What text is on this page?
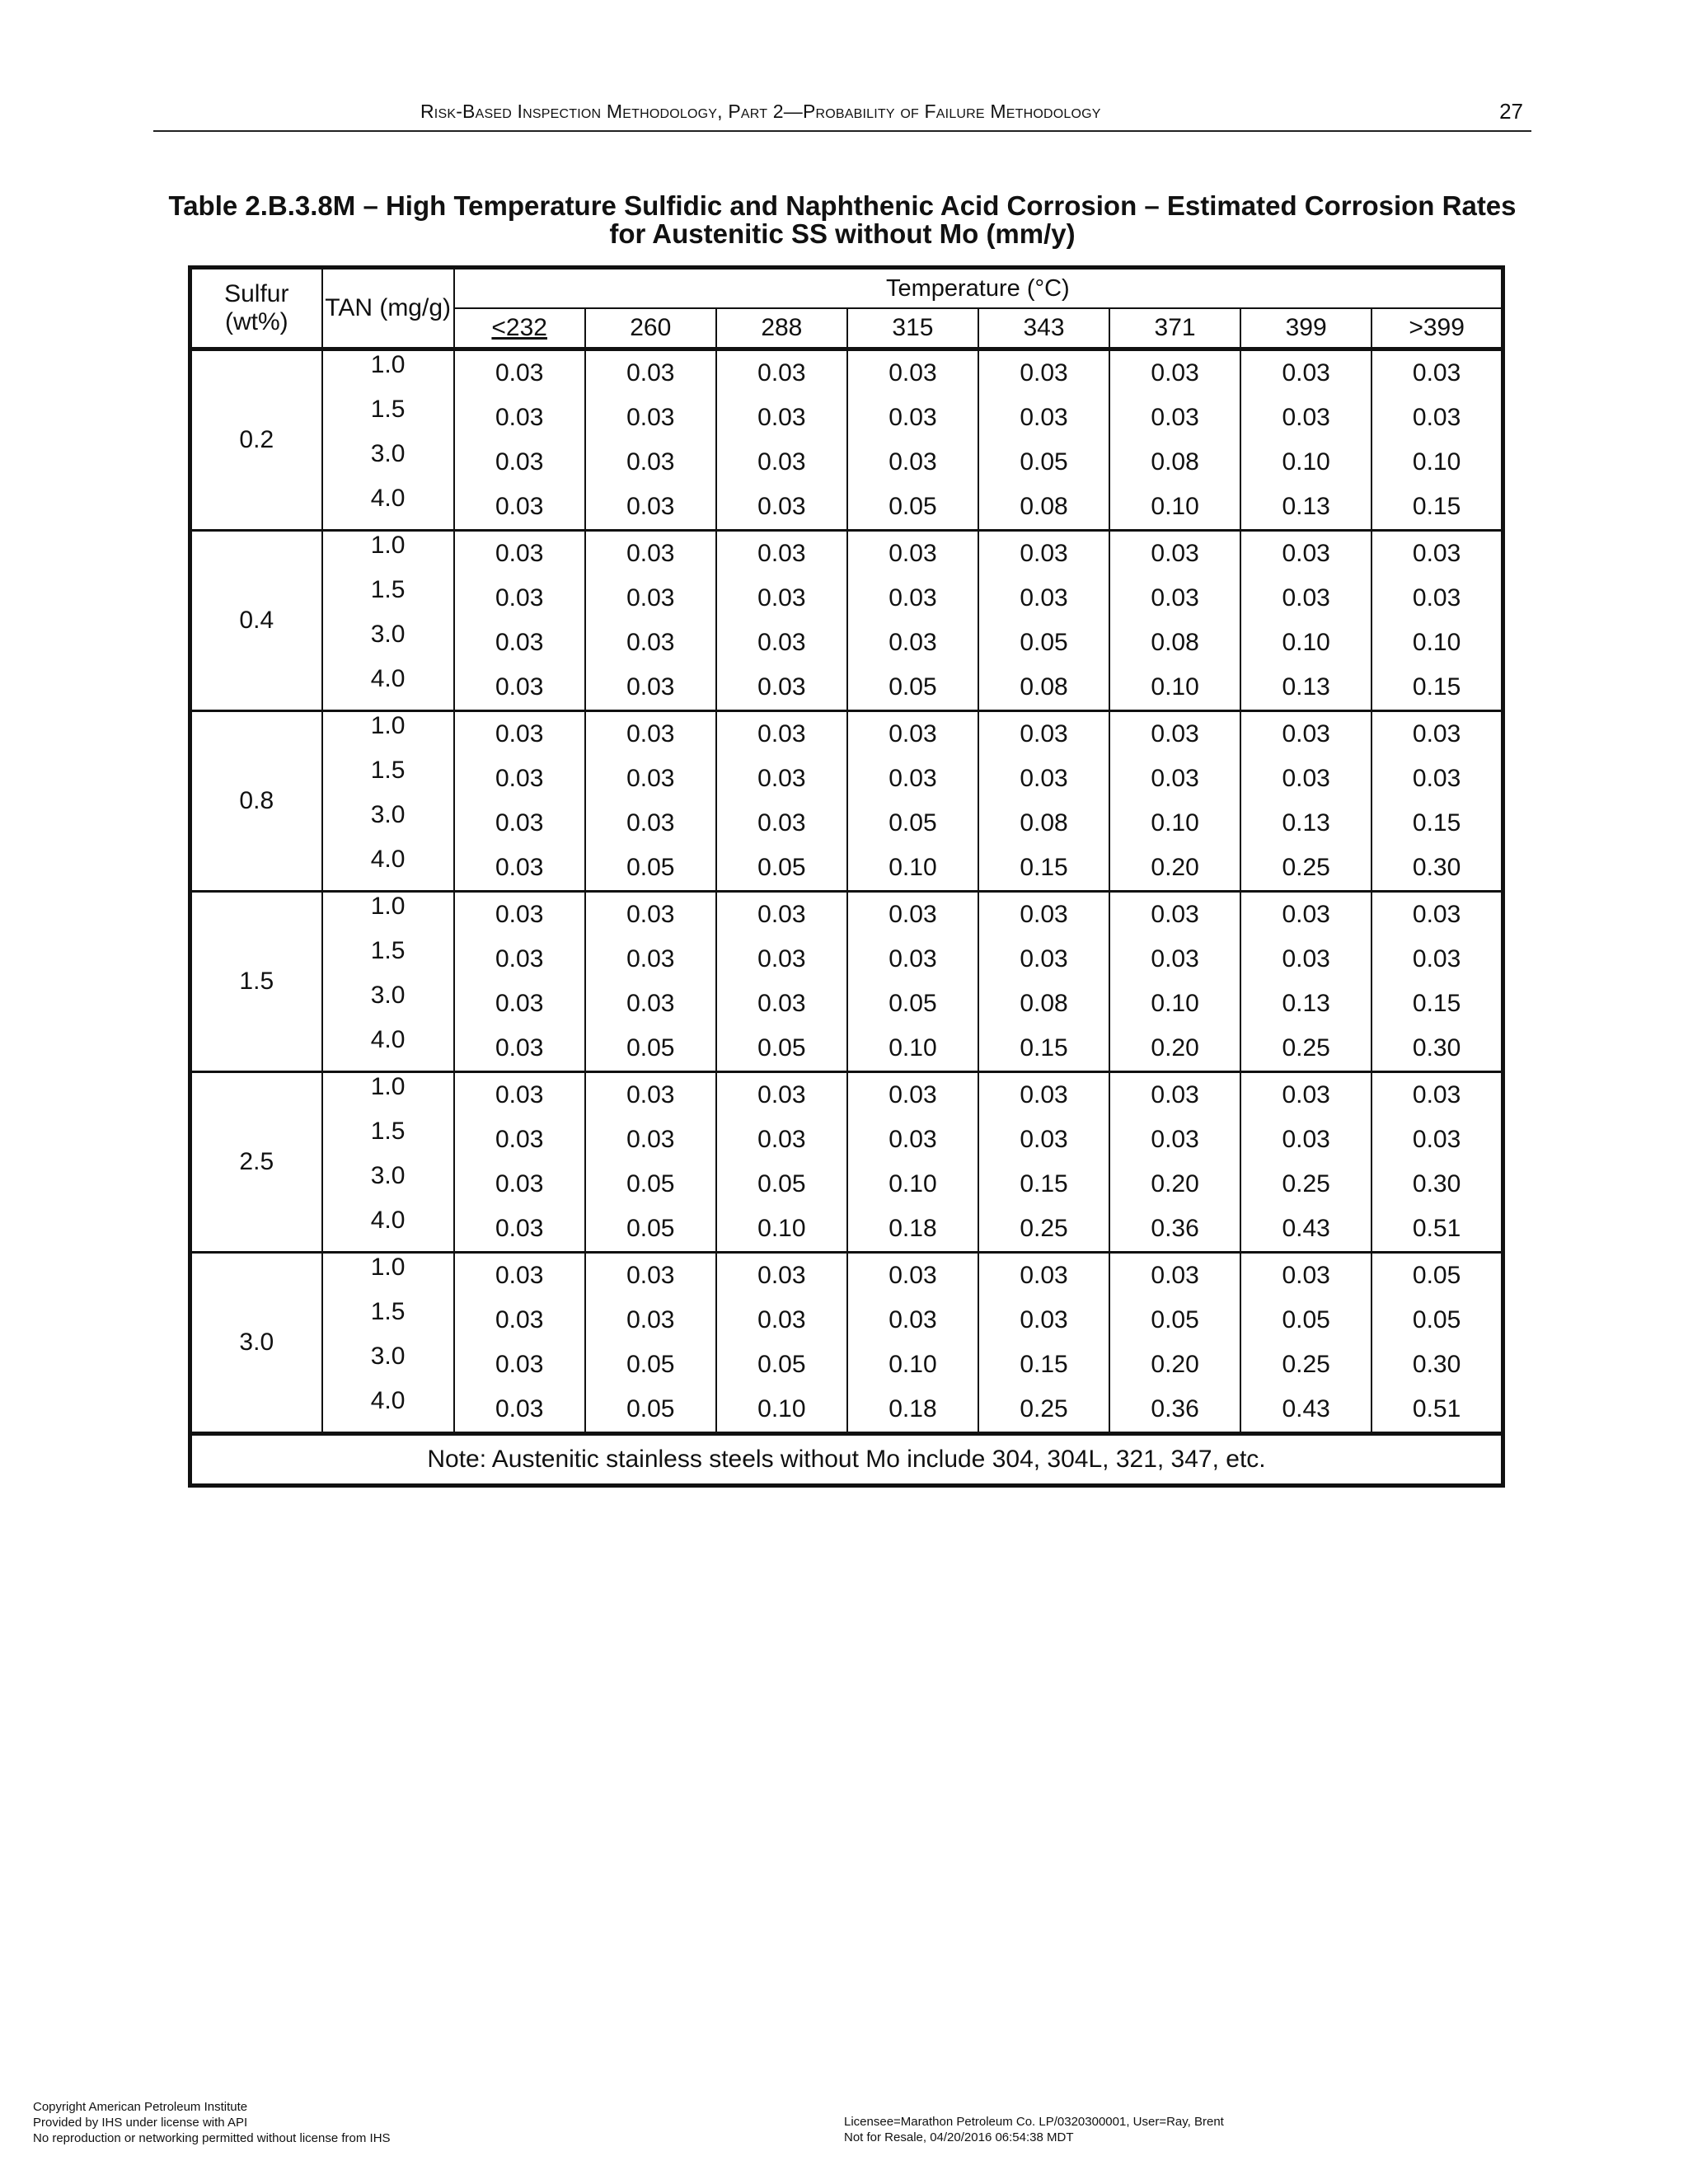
Risk-Based Inspection Methodology, Part 2—Probability of Failure Methodology	27
Table 2.B.3.8M – High Temperature Sulfidic and Naphthenic Acid Corrosion – Estimated Corrosion Rates for Austenitic SS without Mo (mm/y)
Sulfur (wt%)	TAN (mg/g)	Temperature (°C)							
		<232	260	288	315	343	371	399	>399
0.2	1.0	0.03	0.03	0.03	0.03	0.03	0.03	0.03	0.03
	1.5	0.03	0.03	0.03	0.03	0.03	0.03	0.03	0.03
	3.0	0.03	0.03	0.03	0.03	0.05	0.08	0.10	0.10
	4.0	0.03	0.03	0.03	0.05	0.08	0.10	0.13	0.15
0.4	1.0	0.03	0.03	0.03	0.03	0.03	0.03	0.03	0.03
	1.5	0.03	0.03	0.03	0.03	0.03	0.03	0.03	0.03
	3.0	0.03	0.03	0.03	0.03	0.05	0.08	0.10	0.10
	4.0	0.03	0.03	0.03	0.05	0.08	0.10	0.13	0.15
0.8	1.0	0.03	0.03	0.03	0.03	0.03	0.03	0.03	0.03
	1.5	0.03	0.03	0.03	0.03	0.03	0.03	0.03	0.03
	3.0	0.03	0.03	0.03	0.05	0.08	0.10	0.13	0.15
	4.0	0.03	0.05	0.05	0.10	0.15	0.20	0.25	0.30
1.5	1.0	0.03	0.03	0.03	0.03	0.03	0.03	0.03	0.03
	1.5	0.03	0.03	0.03	0.03	0.03	0.03	0.03	0.03
	3.0	0.03	0.03	0.03	0.05	0.08	0.10	0.13	0.15
	4.0	0.03	0.05	0.05	0.10	0.15	0.20	0.25	0.30
2.5	1.0	0.03	0.03	0.03	0.03	0.03	0.03	0.03	0.03
	1.5	0.03	0.03	0.03	0.03	0.03	0.03	0.03	0.03
	3.0	0.03	0.05	0.05	0.10	0.15	0.20	0.25	0.30
	4.0	0.03	0.05	0.10	0.18	0.25	0.36	0.43	0.51
3.0	1.0	0.03	0.03	0.03	0.03	0.03	0.03	0.03	0.05
	1.5	0.03	0.03	0.03	0.03	0.03	0.05	0.05	0.05
	3.0	0.03	0.05	0.05	0.10	0.15	0.20	0.25	0.30
	4.0	0.03	0.05	0.10	0.18	0.25	0.36	0.43	0.51
Note: Austenitic stainless steels without Mo include 304, 304L, 321, 347, etc.									
Copyright American Petroleum Institute
Provided by IHS under license with API
No reproduction or networking permitted without license from IHS
Licensee=Marathon Petroleum Co. LP/0320300001, User=Ray, Brent
Not for Resale, 04/20/2016 06:54:38 MDT
